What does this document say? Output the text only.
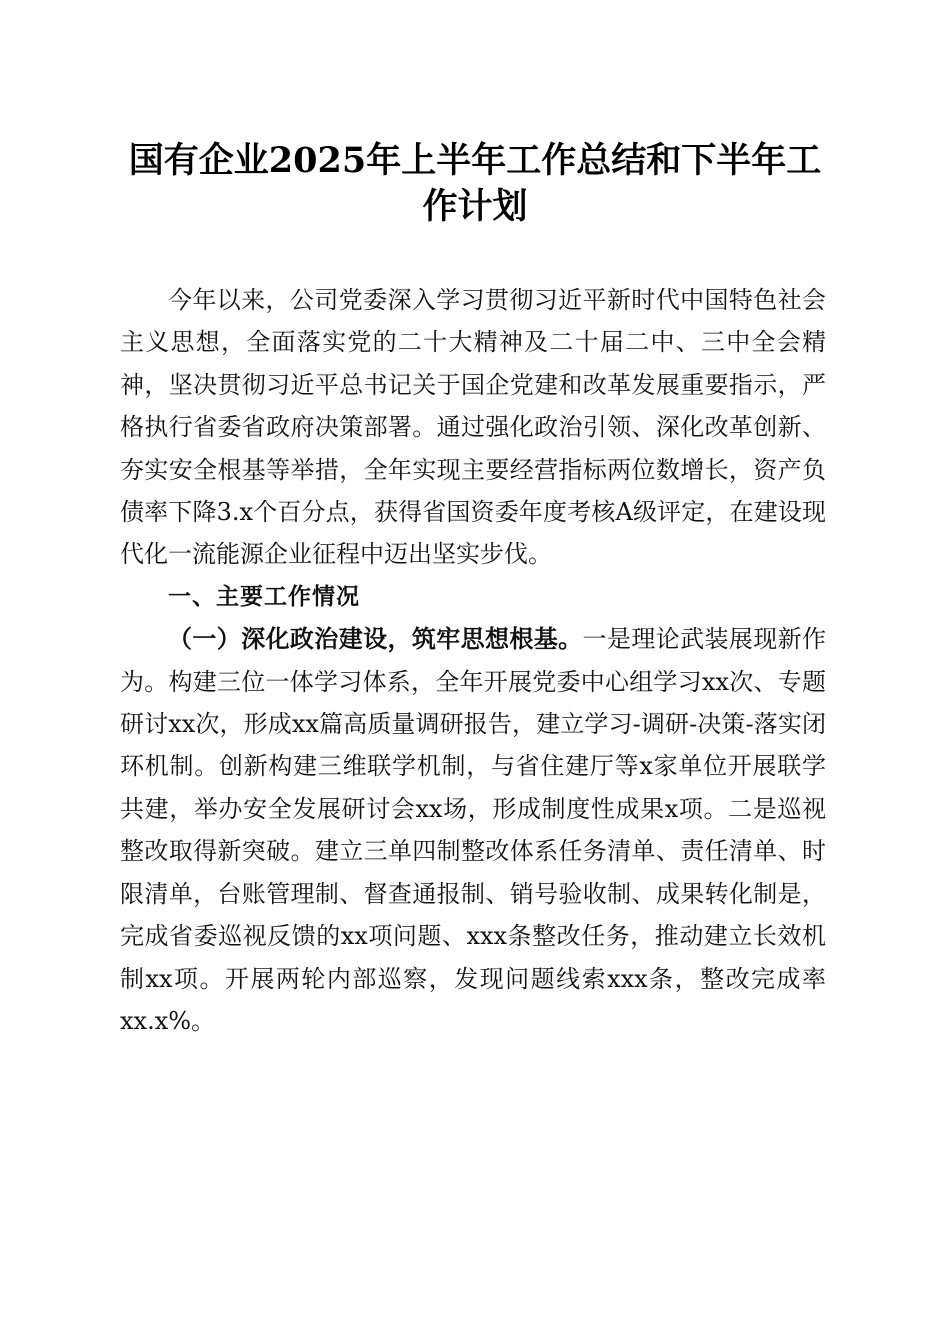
国有企业2025年上半年工作总结和下半年工作计划

今年以来，公司党委深入学习贯彻习近平新时代中国特色社会主义思想，全面落实党的二十大精神及二十届二中、三中全会精神，坚决贯彻习近平总书记关于国企党建和改革发展重要指示，严格执行省委省政府决策部署。通过强化政治引领、深化改革创新、夯实安全根基等举措，全年实现主要经营指标两位数增长，资产负债率下降3.x个百分点，获得省国资委年度考核A级评定，在建设现代化一流能源企业征程中迈出坚实步伐。

一、主要工作情况

（一）深化政治建设，筑牢思想根基。一是理论武装展现新作为。构建三位一体学习体系，全年开展党委中心组学习xx次、专题研讨xx次，形成xx篇高质量调研报告，建立学习-调研-决策-落实闭环机制。创新构建三维联学机制，与省住建厅等x家单位开展联学共建，举办安全发展研讨会xx场，形成制度性成果x项。二是巡视整改取得新突破。建立三单四制整改体系任务清单、责任清单、时限清单，台账管理制、督查通报制、销号验收制、成果转化制是，完成省委巡视反馈的xx项问题、xxx条整改任务，推动建立长效机制xx项。开展两轮内部巡察，发现问题线索xxx条，整改完成率xx.x%。
